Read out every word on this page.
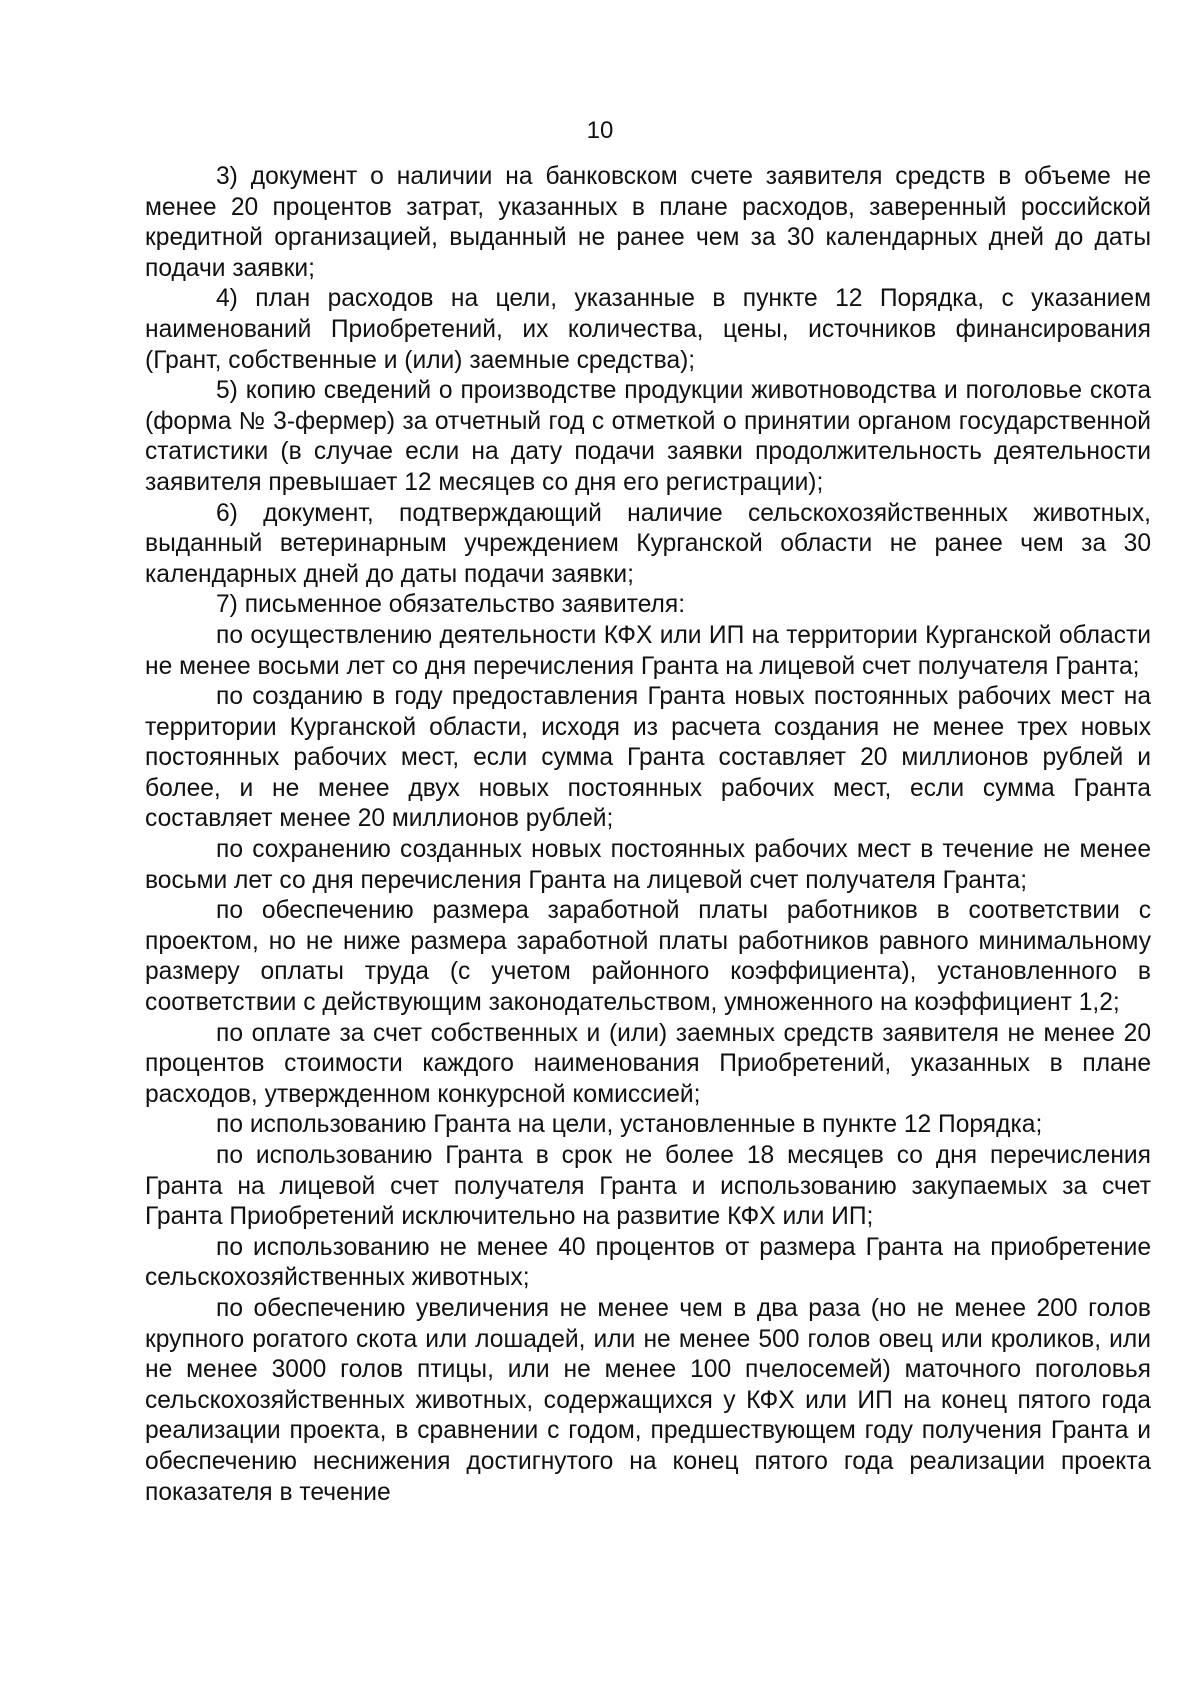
10

3) документ о наличии на банковском счете заявителя средств в объеме не менее 20 процентов затрат, указанных в плане расходов, заверенный российской кредитной организацией, выданный не ранее чем за 30 календарных дней до даты подачи заявки;

4) план расходов на цели, указанные в пункте 12 Порядка, с указанием наименований Приобретений, их количества, цены, источников финансирования (Грант, собственные и (или) заемные средства);

5) копию сведений о производстве продукции животноводства и поголовье скота (форма № 3-фермер) за отчетный год с отметкой о принятии органом государственной статистики (в случае если на дату подачи заявки продолжительность деятельности заявителя превышает 12 месяцев со дня его регистрации);

6) документ, подтверждающий наличие сельскохозяйственных животных, выданный ветеринарным учреждением Курганской области не ранее чем за 30 календарных дней до даты подачи заявки;

7) письменное обязательство заявителя:

по осуществлению деятельности КФХ или ИП на территории Курганской области не менее восьми лет со дня перечисления Гранта на лицевой счет получателя Гранта;

по созданию в году предоставления Гранта новых постоянных рабочих мест на территории Курганской области, исходя из расчета создания не менее трех новых постоянных рабочих мест, если сумма Гранта составляет 20 миллионов рублей и более, и не менее двух новых постоянных рабочих мест, если сумма Гранта составляет менее 20 миллионов рублей;

по сохранению созданных новых постоянных рабочих мест в течение не менее восьми лет со дня перечисления Гранта на лицевой счет получателя Гранта;

по обеспечению размера заработной платы работников в соответствии с проектом, но не ниже размера заработной платы работников равного минимальному размеру оплаты труда (с учетом районного коэффициента), установленного в соответствии с действующим законодательством, умноженного на коэффициент 1,2;

по оплате за счет собственных и (или) заемных средств заявителя не менее 20 процентов стоимости каждого наименования Приобретений, указанных в плане расходов, утвержденном конкурсной комиссией;

по использованию Гранта на цели, установленные в пункте 12 Порядка;

по использованию Гранта в срок не более 18 месяцев со дня перечисления Гранта на лицевой счет получателя Гранта и использованию закупаемых за счет Гранта Приобретений исключительно на развитие КФХ или ИП;

по использованию не менее 40 процентов от размера Гранта на приобретение сельскохозяйственных животных;

по обеспечению увеличения не менее чем в два раза (но не менее 200 голов крупного рогатого скота или лошадей, или не менее 500 голов овец или кроликов, или не менее 3000 голов птицы, или не менее 100 пчелосемей) маточного поголовья сельскохозяйственных животных, содержащихся у КФХ или ИП на конец пятого года реализации проекта, в сравнении с годом, предшествующем году получения Гранта и обеспечению неснижения достигнутого на конец пятого года реализации проекта показателя в течение
